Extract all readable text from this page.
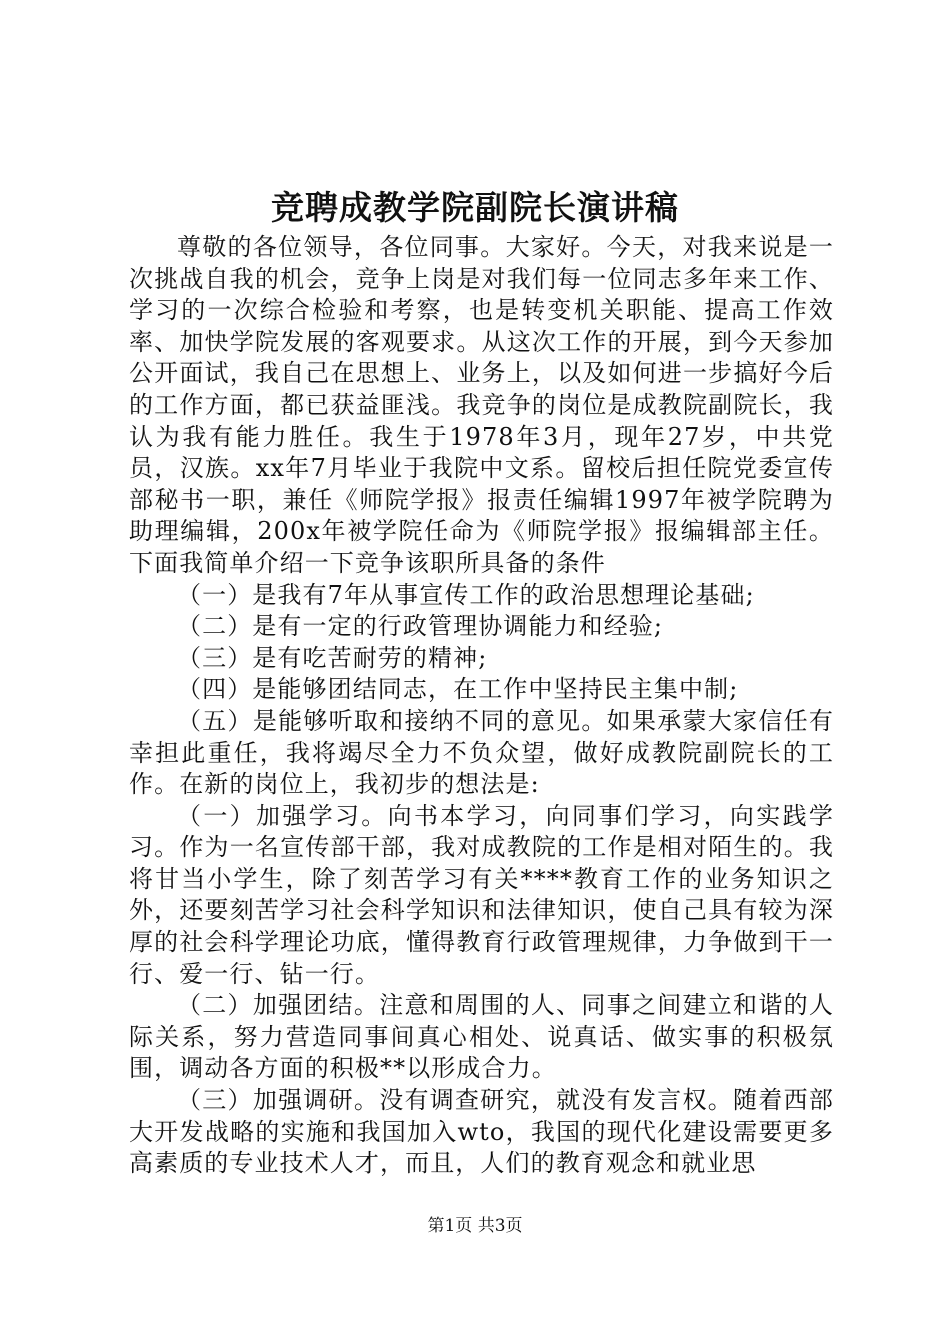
竞聘成教学院副院长演讲稿

尊敬的各位领导，各位同事。大家好。今天，对我来说是一次挑战自我的机会，竞争上岗是对我们每一位同志多年来工作、学习的一次综合检验和考察，也是转变机关职能、提高工作效率、加快学院发展的客观要求。从这次工作的开展，到今天参加公开面试，我自己在思想上、业务上，以及如何进一步搞好今后的工作方面，都已获益匪浅。我竞争的岗位是成教院副院长，我认为我有能力胜任。我生于1978年3月，现年27岁，中共党员，汉族。xx年7月毕业于我院中文系。留校后担任院党委宣传部秘书一职，兼任《师院学报》报责任编辑1997年被学院聘为助理编辑，200x年被学院任命为《师院学报》报编辑部主任。下面我简单介绍一下竞争该职所具备的条件

（一）是我有7年从事宣传工作的政治思想理论基础;

（二）是有一定的行政管理协调能力和经验;

（三）是有吃苦耐劳的精神;

（四）是能够团结同志，在工作中坚持民主集中制;

（五）是能够听取和接纳不同的意见。如果承蒙大家信任有幸担此重任，我将竭尽全力不负众望，做好成教院副院长的工作。在新的岗位上，我初步的想法是:

（一）加强学习。向书本学习，向同事们学习，向实践学习。作为一名宣传部干部，我对成教院的工作是相对陌生的。我将甘当小学生，除了刻苦学习有关****教育工作的业务知识之外，还要刻苦学习社会科学知识和法律知识，使自己具有较为深厚的社会科学理论功底，懂得教育行政管理规律，力争做到干一行、爱一行、钻一行。

（二）加强团结。注意和周围的人、同事之间建立和谐的人际关系，努力营造同事间真心相处、说真话、做实事的积极氛围，调动各方面的积极**以形成合力。

（三）加强调研。没有调查研究，就没有发言权。随着西部大开发战略的实施和我国加入wto，我国的现代化建设需要更多高素质的专业技术人才，而且，人们的教育观念和就业思

第1页 共3页
